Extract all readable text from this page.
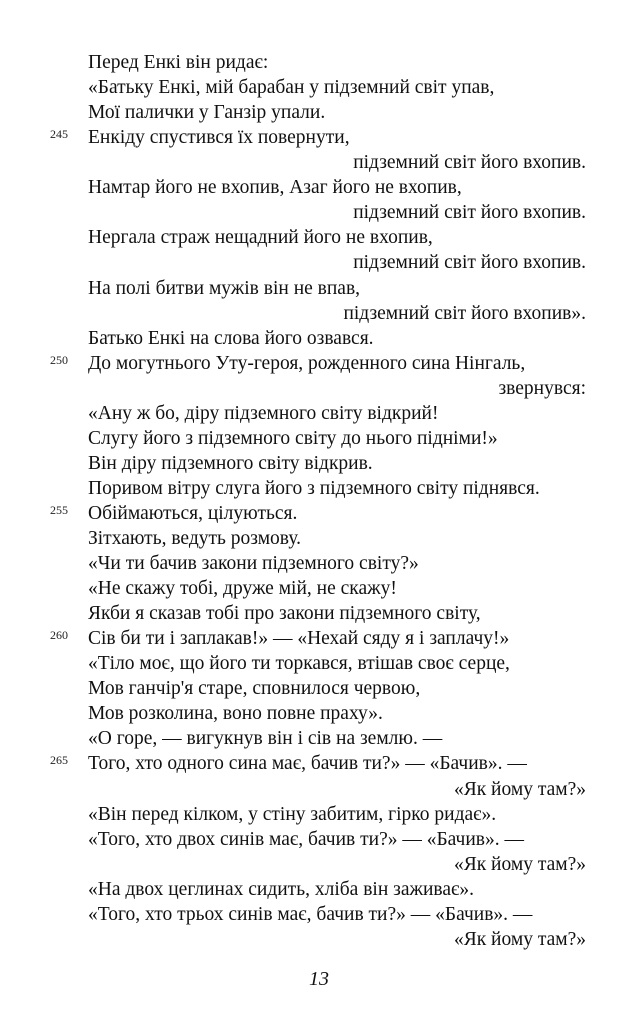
Перед Енкі він ридає:
«Батьку Енкі, мій барабан у підземний світ упав,
Мої палички у Ганзір упали.
Енкіду спустився їх повернути,
245
підземний світ його вхопив.
Намтар його не вхопив, Азаг його не вхопив,
підземний світ його вхопив.
Нергала страж нещадний його не вхопив,
підземний світ його вхопив.
На полі битви мужів він не впав,
підземний світ його вхопив».
Батько Енкі на слова його озвався.
До могутнього Уту-героя, рожденного сина Нінгаль,
250
звернувся:
«Ану ж бо, діру підземного світу відкрий!
Слугу його з підземного світу до нього підніми!»
Він діру підземного світу відкрив.
Поривом вітру слуга його з підземного світу піднявся.
Обіймаються, цілуються.
255
Зітхають, ведуть розмову.
«Чи ти бачив закони підземного світу?»
«Не скажу тобі, друже мій, не скажу!
Якби я сказав тобі про закони підземного світу,
Сів би ти і заплакав!» — «Нехай сяду я і заплачу!»
260
«Тіло моє, що його ти торкався, втішав своє серце,
Мов ганчір'я старе, сповнилося червою,
Мов розколина, воно повне праху».
«О горе, — вигукнув він і сів на землю. —
Того, хто одного сина має, бачив ти?» — «Бачив». —
265
«Як йому там?»
«Він перед кілком, у стіну забитим, гірко ридає».
«Того, хто двох синів має, бачив ти?» — «Бачив». —
«Як йому там?»
«На двох цеглинах сидить, хліба він заживає».
«Того, хто трьох синів має, бачив ти?» — «Бачив». —
«Як йому там?»
13
